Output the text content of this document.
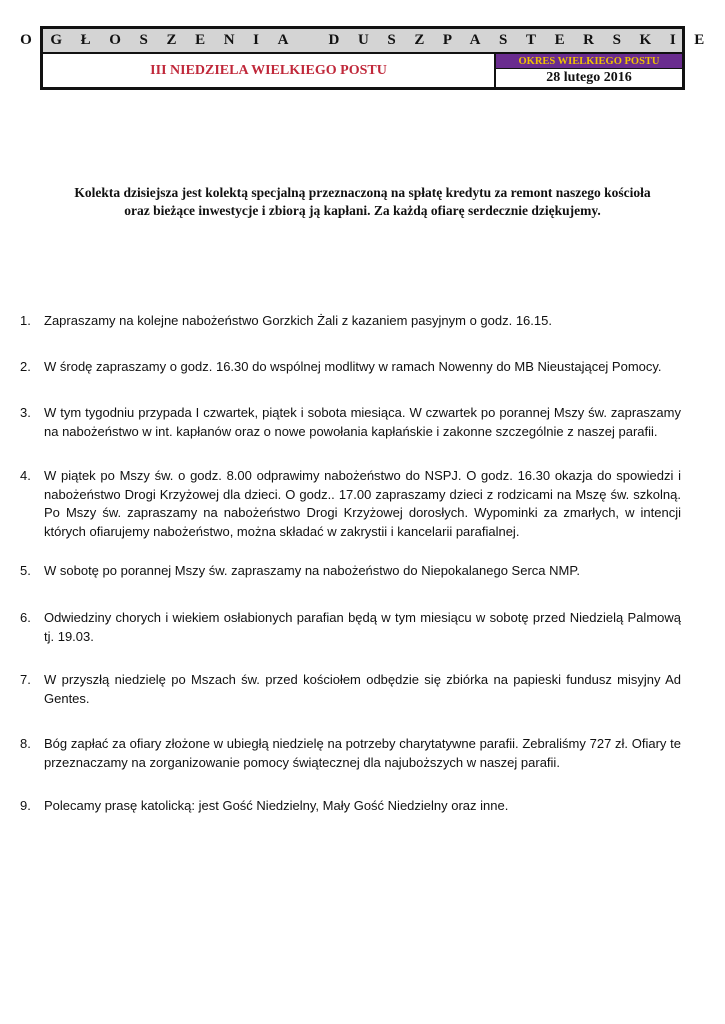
OGŁOSZENIA DUSZPASTERSKIE
III NIEDZIELA WIELKIEGO POSTU
OKRES WIELKIEGO POSTU
28 lutego 2016
Kolekta dzisiejsza jest kolektą specjalną przeznaczoną na spłatę kredytu za remont naszego kościoła
oraz bieżące inwestycje i zbiorą ją kapłani. Za każdą ofiarę serdecznie dziękujemy.
1.	Zapraszamy na kolejne nabożeństwo Gorzkich Żali z kazaniem pasyjnym o godz. 16.15.
2.	W środę zapraszamy o godz. 16.30 do wspólnej modlitwy w ramach Nowenny do MB Nieustającej Pomocy.
3.	W tym tygodniu przypada I czwartek, piątek i sobota miesiąca. W czwartek po porannej Mszy św. zapraszamy na nabożeństwo w int. kapłanów oraz o nowe powołania kapłańskie i zakonne szczególnie z naszej parafii.
4.	W piątek po Mszy św. o godz. 8.00 odprawimy nabożeństwo do NSPJ. O godz. 16.30 okazja do spowiedzi i nabożeństwo Drogi Krzyżowej dla dzieci. O godz.. 17.00 zapraszamy dzieci z rodzicami na Mszę św. szkolną. Po Mszy św. zapraszamy na nabożeństwo Drogi Krzyżowej dorosłych. Wypominki za zmarłych, w intencji których ofiarujemy nabożeństwo, można składać w zakrystii i kancelarii parafialnej.
5.	W sobotę po porannej Mszy św. zapraszamy na nabożeństwo do Niepokalanego Serca NMP.
6.	Odwiedziny chorych i wiekiem osłabionych parafian będą w tym miesiącu w sobotę przed Niedzielą Palmową tj. 19.03.
7.	W przyszłą niedzielę po Mszach św. przed kościołem odbędzie się zbiórka na papieski fundusz misyjny Ad Gentes.
8.	Bóg zapłać za ofiary złożone w ubiegłą niedzielę na potrzeby charytatywne parafii. Zebraliśmy 727 zł. Ofiary te przeznaczamy na zorganizowanie pomocy świątecznej dla najuboższych w naszej parafii.
9.	Polecamy prasę katolicką: jest Gość Niedzielny, Mały Gość Niedzielny oraz inne.
